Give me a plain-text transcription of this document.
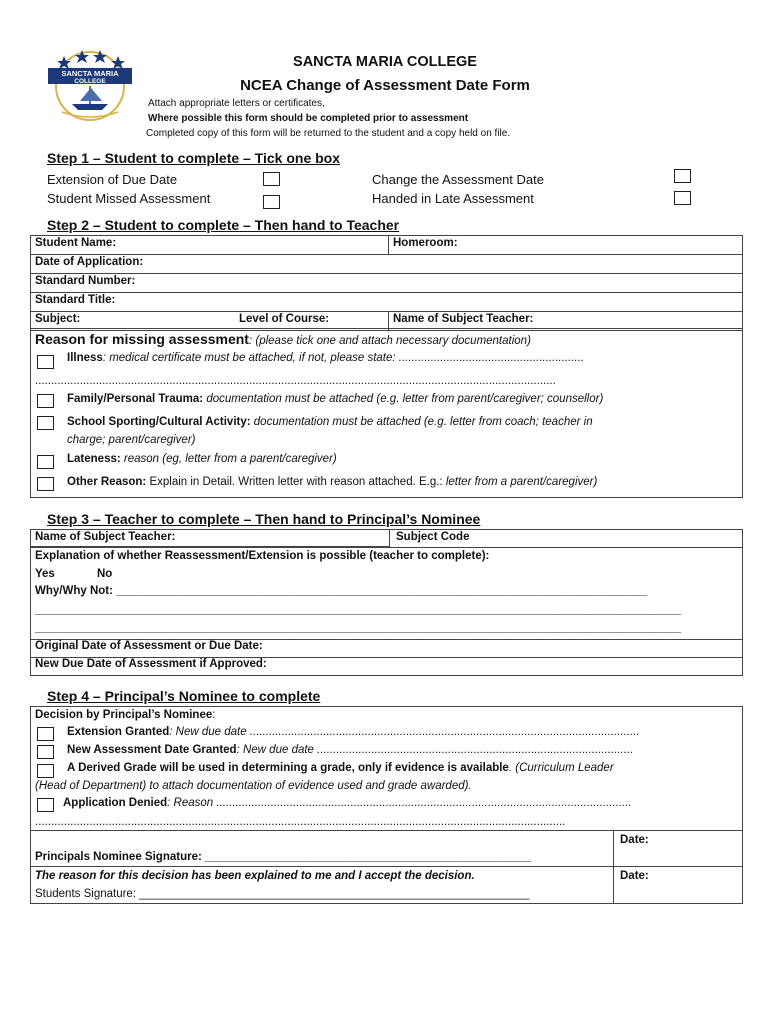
SANCTA MARIA
COLLEGE
SANCTA MARIA COLLEGE
NCEA Change of Assessment Date Form
Attach appropriate letters or certificates,
Where possible this form should be completed prior to assessment
Completed copy of this form will be returned to the student and a copy held on file.
Step 1 – Student to complete – Tick one box
Extension of Due Date
Student Missed Assessment
Change the Assessment Date
Handed in Late Assessment
Step 2 – Student to complete – Then hand to Teacher
Student Name:		Homeroom:
Date of Application:		
Standard Number:		
Standard Title:		
Subject:	Level of Course:	Name of Subject Teacher:
Reason for missing assessment: (please tick one and attach necessary documentation)
Illness: medical certificate must be attached, if not, please state: ..........................................................
...................................................................................................................................................................
Family/Personal Trauma: documentation must be attached (e.g. letter from parent/caregiver; counsellor)
School Sporting/Cultural Activity: documentation must be attached (e.g. letter from coach; teacher in
charge; parent/caregiver)
Lateness: reason (eg, letter from a parent/caregiver)
Other Reason: Explain in Detail. Written letter with reason attached. E.g.: letter from a parent/caregiver)
Step 3 – Teacher to complete – Then hand to Principal’s Nominee
Name of Subject Teacher:	Subject Code
Explanation of whether Reassessment/Extension is possible (teacher to complete):
Yes	No
Why/Why Not: ___________________________________________________________________________________
_____________________________________________________________________________________________________
_____________________________________________________________________________________________________
Original Date of Assessment or Due Date:
New Due Date of Assessment if Approved:
Step 4 – Principal’s Nominee to complete
Decision by Principal’s Nominee:
Extension Granted: New due date ..........................................................................................................................
New Assessment Date Granted: New due date ...................................................................................................
A Derived Grade will be used in determining a grade, only if evidence is available. (Curriculum Leader
(Head of Department) to attach documentation of evidence used and grade awarded).
Application Denied: Reason ..................................................................................................................................
......................................................................................................................................................................
Date:
Date:
Principals Nominee Signature: ___________________________________________________
The reason for this decision has been explained to me and I accept the decision.
Students Signature: _____________________________________________________________
